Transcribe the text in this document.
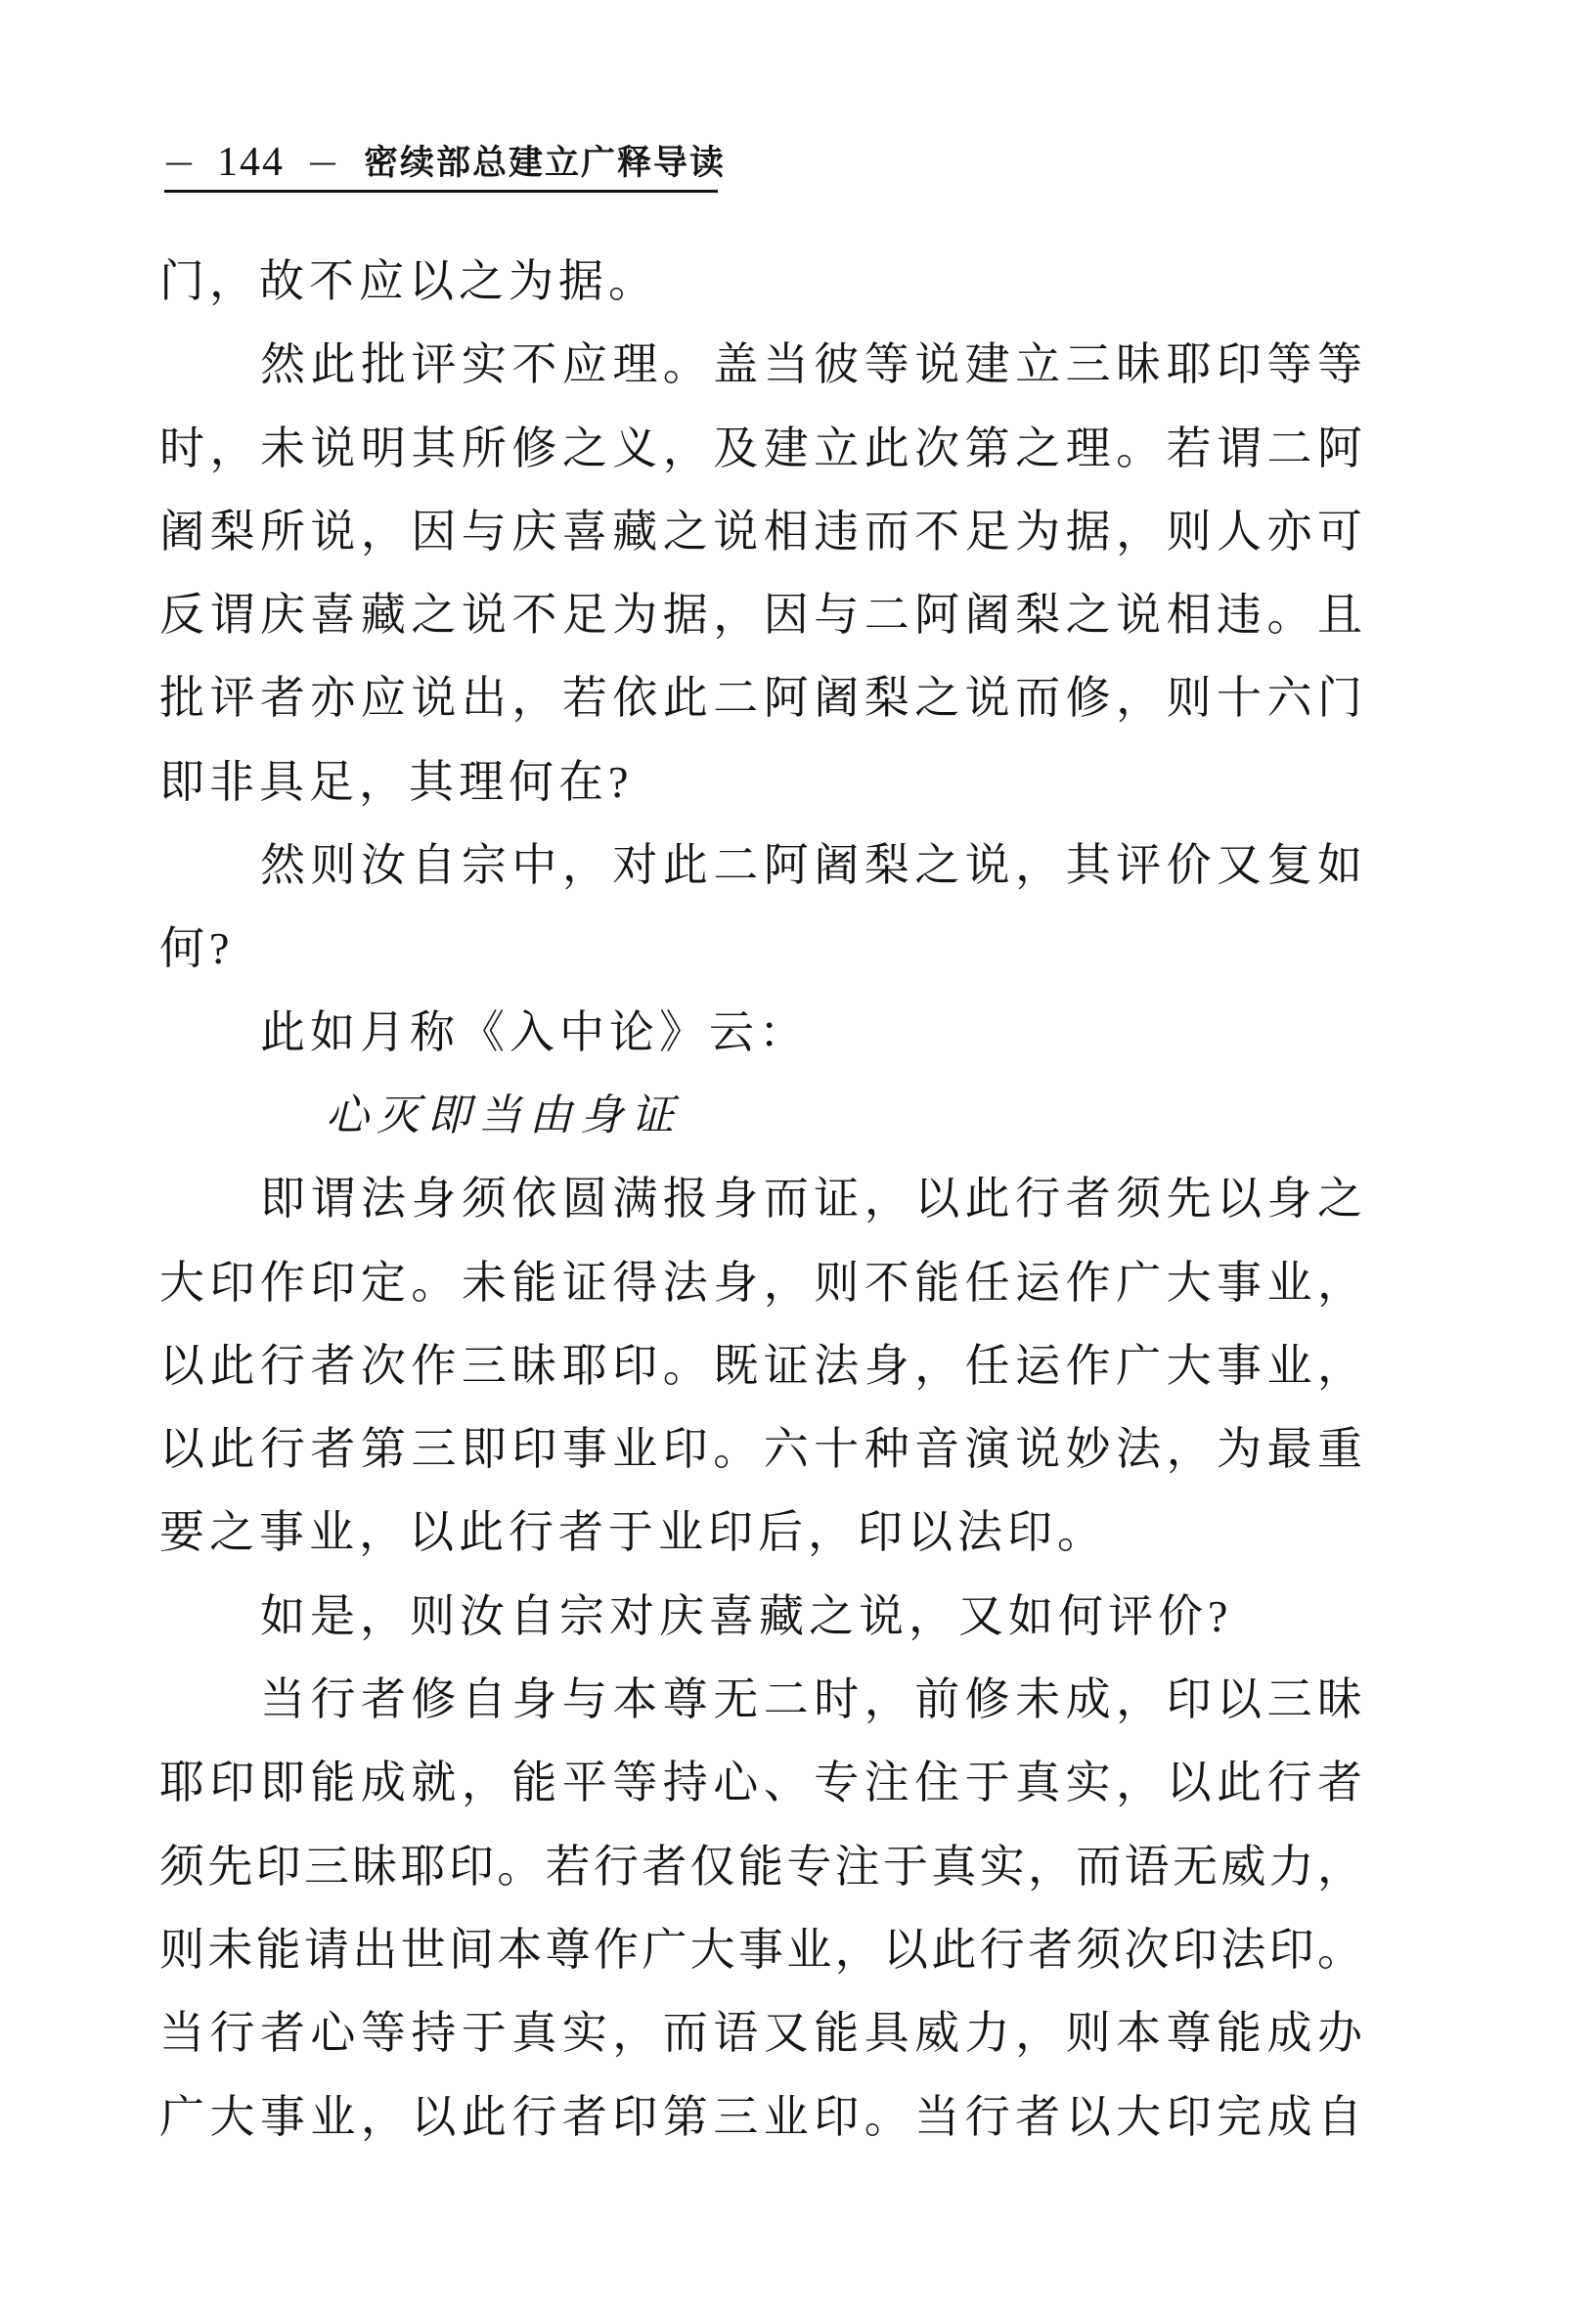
— 144 — 密续部总建立广释导读
门，故不应以之为据。
然此批评实不应理。盖当彼等说建立三昧耶印等等
时，未说明其所修之义，及建立此次第之理。若谓二阿
阇梨所说，因与庆喜藏之说相违而不足为据，则人亦可
反谓庆喜藏之说不足为据，因与二阿阇梨之说相违。且
批评者亦应说出，若依此二阿阇梨之说而修，则十六门
即非具足，其理何在?
然则汝自宗中，对此二阿阇梨之说，其评价又复如
何?
此如月称《入中论》云：
心灭即当由身证
即谓法身须依圆满报身而证，以此行者须先以身之
大印作印定。未能证得法身，则不能任运作广大事业，
以此行者次作三昧耶印。既证法身，任运作广大事业，
以此行者第三即印事业印。六十种音演说妙法，为最重
要之事业，以此行者于业印后，印以法印。
如是，则汝自宗对庆喜藏之说，又如何评价?
当行者修自身与本尊无二时，前修未成，印以三昧
耶印即能成就，能平等持心、专注住于真实，以此行者
须先印三昧耶印。若行者仅能专注于真实，而语无威力，
则未能请出世间本尊作广大事业，以此行者须次印法印。
当行者心等持于真实，而语又能具威力，则本尊能成办
广大事业，以此行者印第三业印。当行者以大印完成自
